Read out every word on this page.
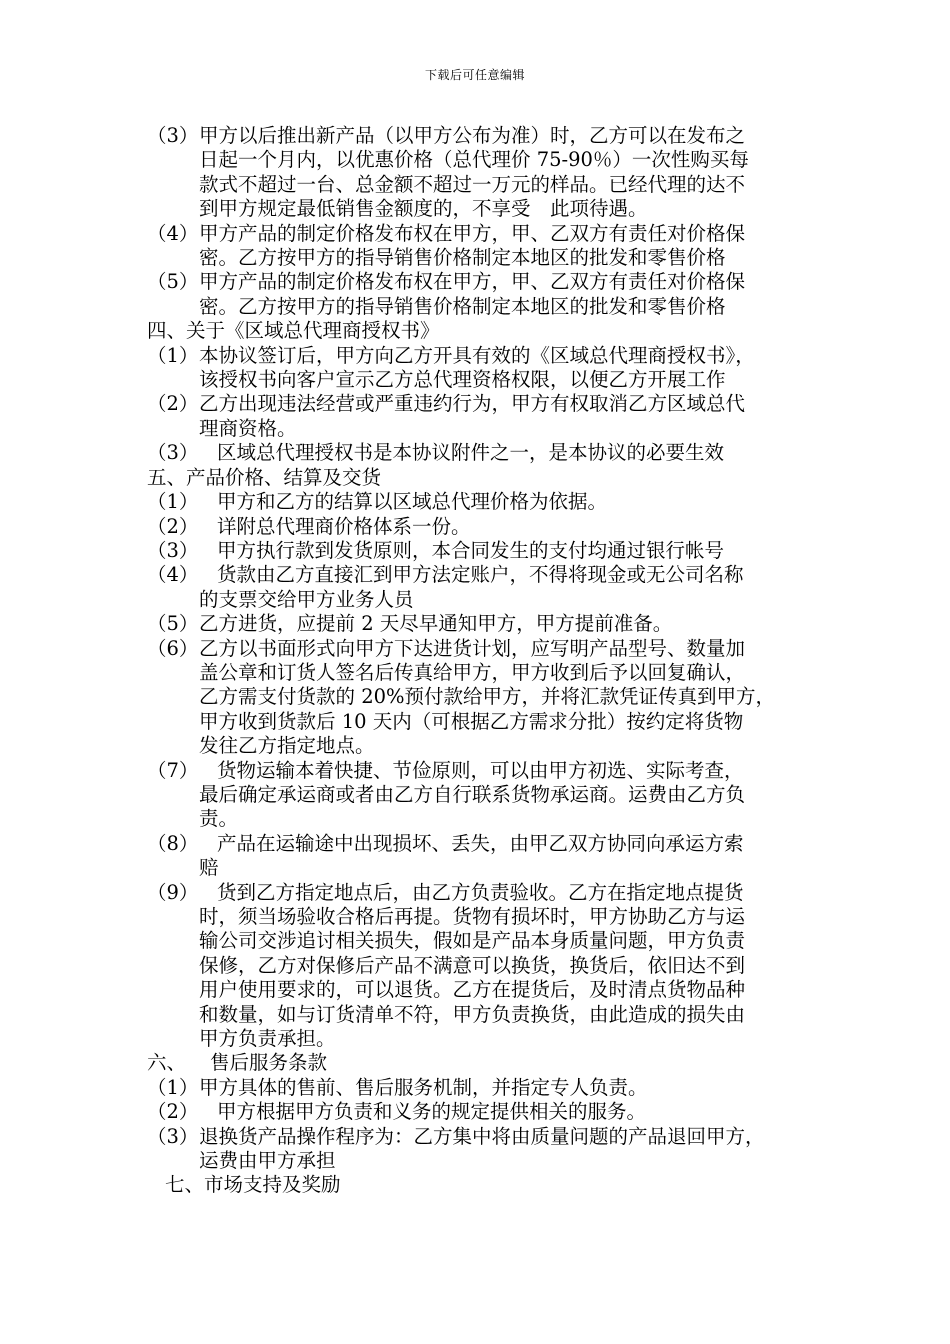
下载后可任意编辑
（3） 甲方以后推出新产品（以甲方公布为准）时，乙方可以在发布之
日起一个月内，以优惠价格（总代理价 75-90％）一次性购买每
款式不超过一台、总金额不超过一万元的样品。已经代理的达不
到甲方规定最低销售金额度的，不享受　此项待遇。
（4） 甲方产品的制定价格发布权在甲方，甲、乙双方有责任对价格保
密。乙方按甲方的指导销售价格制定本地区的批发和零售价格
（5） 甲方产品的制定价格发布权在甲方，甲、乙双方有责任对价格保
密。乙方按甲方的指导销售价格制定本地区的批发和零售价格
四、关于《区域总代理商授权书》
（1） 本协议签订后，甲方向乙方开具有效的《区域总代理商授权书》，
该授权书向客户宣示乙方总代理资格权限，以便乙方开展工作
（2） 乙方出现违法经营或严重违约行为，甲方有权取消乙方区域总代
理商资格。
（3） 区域总代理授权书是本协议附件之一，是本协议的必要生效
五、产品价格、结算及交货
（1） 甲方和乙方的结算以区域总代理价格为依据。
（2） 详附总代理商价格体系一份。
（3） 甲方执行款到发货原则，本合同发生的支付均通过银行帐号
（4） 货款由乙方直接汇到甲方法定账户，不得将现金或无公司名称
的支票交给甲方业务人员
（5） 乙方进货，应提前 2 天尽早通知甲方，甲方提前准备。
（6） 乙方以书面形式向甲方下达进货计划，应写明产品型号、数量加
盖公章和订货人签名后传真给甲方，甲方收到后予以回复确认，
乙方需支付货款的 20%预付款给甲方，并将汇款凭证传真到甲方，
甲方收到货款后 10 天内（可根据乙方需求分批）按约定将货物
发往乙方指定地点。
（7） 货物运输本着快捷、节俭原则，可以由甲方初选、实际考查，
最后确定承运商或者由乙方自行联系货物承运商。运费由乙方负
责。
（8） 产品在运输途中出现损坏、丢失，由甲乙双方协同向承运方索
赔
（9） 货到乙方指定地点后，由乙方负责验收。乙方在指定地点提货
时，须当场验收合格后再提。货物有损坏时，甲方协助乙方与运
输公司交涉追讨相关损失，假如是产品本身质量问题，甲方负责
保修，乙方对保修后产品不满意可以换货，换货后，依旧达不到
用户使用要求的，可以退货。乙方在提货后，及时清点货物品种
和数量，如与订货清单不符，甲方负责换货，由此造成的损失由
甲方负责承担。
六、 售后服务条款
（1） 甲方具体的售前、售后服务机制，并指定专人负责。
（2） 甲方根据甲方负责和义务的规定提供相关的服务。
（3） 退换货产品操作程序为：乙方集中将由质量问题的产品退回甲方，
运费由甲方承担
七、市场支持及奖励
